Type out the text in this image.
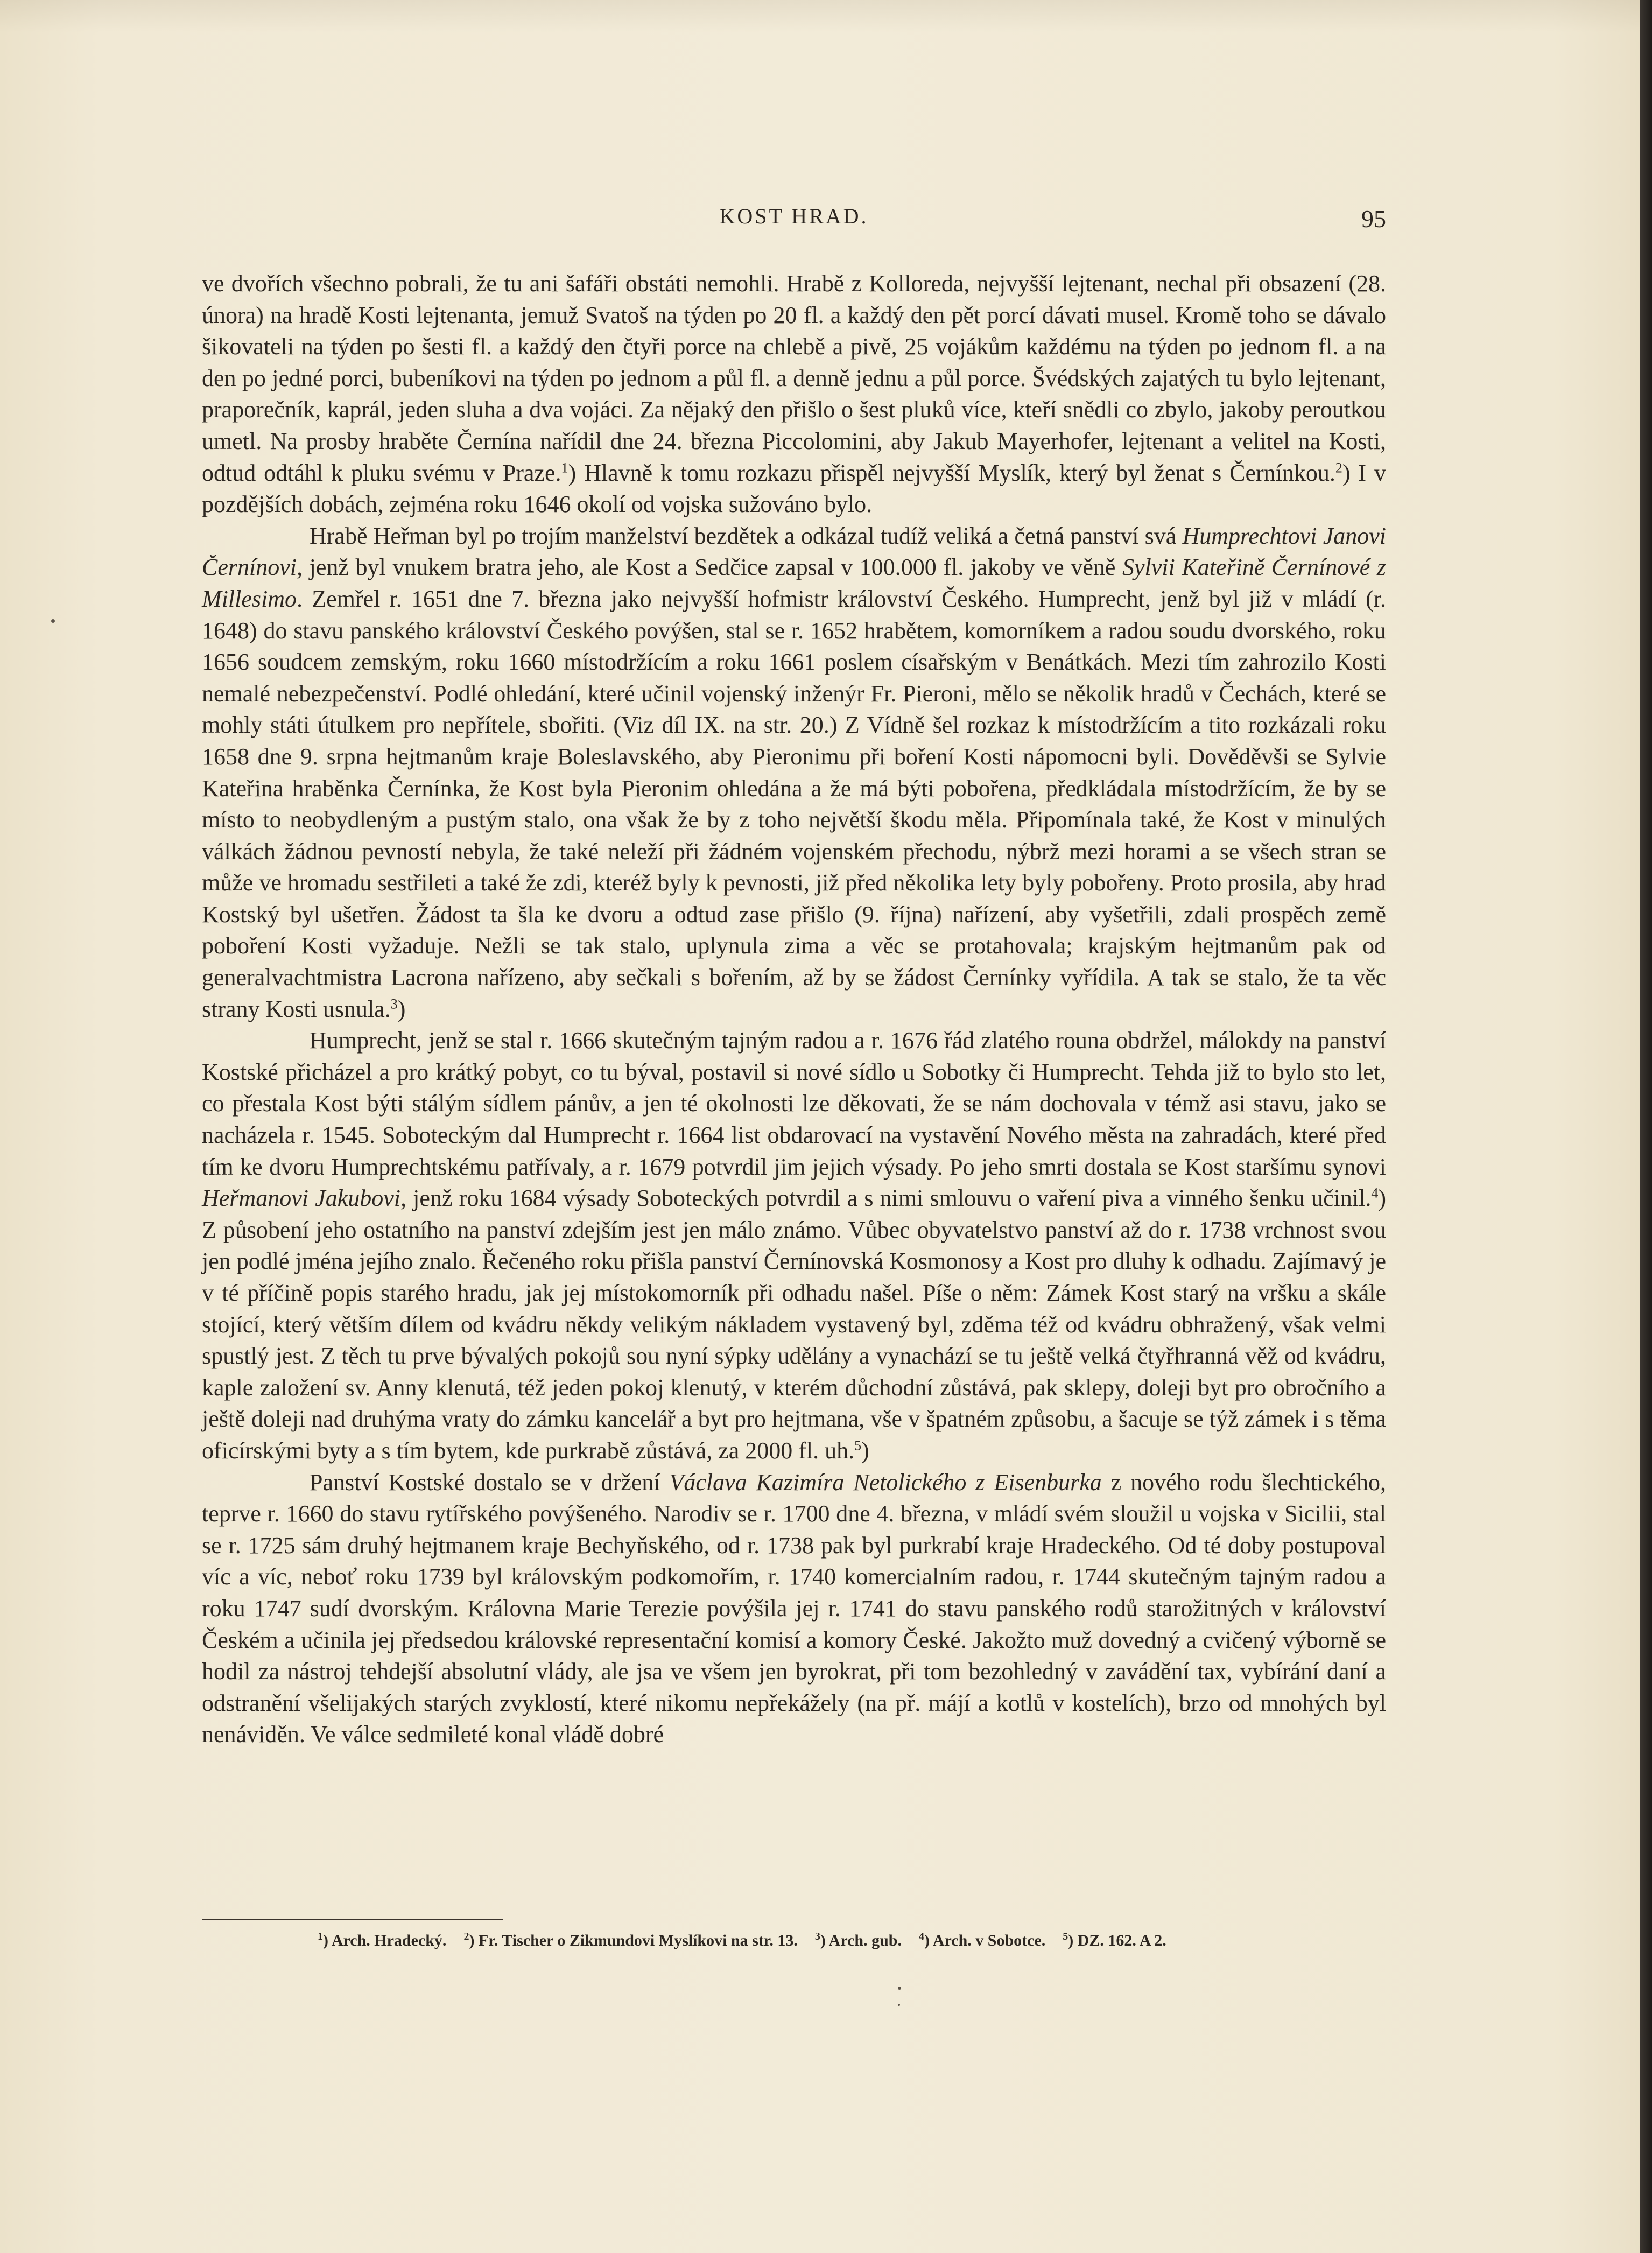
KOST HRAD.	95

ve dvořích všechno pobrali, že tu ani šafáři obstáti nemohli. Hrabě z Kolloreda, nejvyšší lejtenant, nechal při obsazení (28. února) na hradě Kosti lejtenanta, jemuž Svatoš na týden po 20 fl. a každý den pět porcí dávati musel. Kromě toho se dávalo šikovateli na týden po šesti fl. a každý den čtyři porce na chlebě a pivě, 25 vojákům každému na týden po jednom fl. a na den po jedné porci, bubeníkovi na týden po jednom a půl fl. a denně jednu a půl porce. Švédských zajatých tu bylo lejtenant, praporečník, kaprál, jeden sluha a dva vojáci. Za nějaký den přišlo o šest pluků více, kteří snědli co zbylo, jakoby peroutkou umetl. Na prosby hraběte Černína nařídil dne 24. března Piccolomini, aby Jakub Mayerhofer, lejtenant a velitel na Kosti, odtud odtáhl k pluku svému v Praze.$^1$) Hlavně k tomu rozkazu přispěl nejvyšší Myslík, který byl ženat s Černínkou.$^2$) I v pozdějších dobách, zejména roku 1646 okolí od vojska sužováno bylo.

Hrabě Heřman byl po trojím manželství bezdětek a odkázal tudíž veliká a četná panství svá Humprechtovi Janovi Černínovi, jenž byl vnukem bratra jeho, ale Kost a Sedčice zapsal v 100.000 fl. jakoby ve věně Sylvii Kateřině Černínové z Millesimo. Zemřel r. 1651 dne 7. března jako nejvyšší hofmistr království Českého. Humprecht, jenž byl již v mládí (r. 1648) do stavu panského království Českého povýšen, stal se r. 1652 hrabětem, komorníkem a radou soudu dvorského, roku 1656 soudcem zemským, roku 1660 místodržícím a roku 1661 poslem císařským v Benátkách. Mezi tím zahrozilo Kosti nemalé nebezpečenství. Podlé ohledání, které učinil vojenský inženýr Fr. Pieroni, mělo se několik hradů v Čechách, které se mohly státi útulkem pro nepřítele, sbořiti. (Viz díl IX. na str. 20.) Z Vídně šel rozkaz k místodržícím a tito rozkázali roku 1658 dne 9. srpna hejtmanům kraje Boleslavského, aby Pieronimu při boření Kosti nápomocni byli. Dověděvši se Sylvie Kateřina hraběnka Černínka, že Kost byla Pieronim ohledána a že má býti pobořena, předkládala místodržícím, že by se místo to neobydleným a pustým stalo, ona však že by z toho největší škodu měla. Připomínala také, že Kost v minulých válkách žádnou pevností nebyla, že také neleží při žádném vojenském přechodu, nýbrž mezi horami a se všech stran se může ve hromadu sestřileti a také že zdi, kteréž byly k pevnosti, již před několika lety byly pobořeny. Proto prosila, aby hrad Kostský byl ušetřen. Žádost ta šla ke dvoru a odtud zase přišlo (9. října) nařízení, aby vyšetřili, zdali prospěch země poboření Kosti vyžaduje. Nežli se tak stalo, uplynula zima a věc se protahovala; krajským hejtmanům pak od generalvachtmistra Lacrona nařízeno, aby sečkali s bořením, až by se žádost Černínky vyřídila. A tak se stalo, že ta věc strany Kosti usnula.$^3$)

Humprecht, jenž se stal r. 1666 skutečným tajným radou a r. 1676 řád zlatého rouna obdržel, málokdy na panství Kostské přicházel a pro krátký pobyt, co tu býval, postavil si nové sídlo u Sobotky či Humprecht. Tehda již to bylo sto let, co přestala Kost býti stálým sídlem pánův, a jen té okolnosti lze děkovati, že se nám dochovala v témž asi stavu, jako se nacházela r. 1545. Soboteckým dal Humprecht r. 1664 list obdarovací na vystavění Nového města na zahradách, které před tím ke dvoru Humprechtskému patřívaly, a r. 1679 potvrdil jim jejich výsady. Po jeho smrti dostala se Kost staršímu synovi Heřmanovi Jakubovi, jenž roku 1684 výsady Soboteckých potvrdil a s nimi smlouvu o vaření piva a vinného šenku učinil.$^4$) Z působení jeho ostatního na panství zdejším jest jen málo známo. Vůbec obyvatelstvo panství až do r. 1738 vrchnost svou jen podlé jména jejího znalo. Řečeného roku přišla panství Černínovská Kosmonosy a Kost pro dluhy k odhadu. Zajímavý je v té příčině popis starého hradu, jak jej místokomorník při odhadu našel. Píše o něm: Zámek Kost starý na vršku a skále stojící, který větším dílem od kvádru někdy velikým nákladem vystavený byl, zděma též od kvádru obhražený, však velmi spustlý jest. Z těch tu prve bývalých pokojů sou nyní sýpky udělány a vynachází se tu ještě velká čtyřhranná věž od kvádru, kaple založení sv. Anny klenutá, též jeden pokoj klenutý, v kterém důchodní zůstává, pak sklepy, doleji byt pro obročního a ještě doleji nad druhýma vraty do zámku kancelář a byt pro hejtmana, vše v špatném způsobu, a šacuje se týž zámek i s těma oficírskými byty a s tím bytem, kde purkrabě zůstává, za 2000 fl. uh.$^5$)

Panství Kostské dostalo se v držení Václava Kazimíra Netolického z Eisenburka z nového rodu šlechtického, teprve r. 1660 do stavu rytířského povýšeného. Narodiv se r. 1700 dne 4. března, v mládí svém sloužil u vojska v Sicilii, stal se r. 1725 sám druhý hejtmanem kraje Bechyňského, od r. 1738 pak byl purkrabí kraje Hradeckého. Od té doby postupoval víc a víc, neboť roku 1739 byl královským podkomořím, r. 1740 komercialním radou, r. 1744 skutečným tajným radou a roku 1747 sudí dvorským. Královna Marie Terezie povýšila jej r. 1741 do stavu panského rodů starožitných v království Českém a učinila jej předsedou královské representační komisí a komory České. Jakožto muž dovedný a cvičený výborně se hodil za nástroj tehdejší absolutní vlády, ale jsa ve všem jen byrokrat, při tom bezohledný v zavádění tax, vybírání daní a odstranění všelijakých starých zvyklostí, které nikomu nepřekážely (na př. májí a kotlů v kostelích), brzo od mnohých byl nenáviděn. Ve válce sedmileté konal vládě dobré

$^1$) Arch. Hradecký. $^2$) Fr. Tischer o Zikmundovi Myslíkovi na str. 13. $^3$) Arch. gub. $^4$) Arch. v Sobotce. $^5$) DZ. 162. A 2.
